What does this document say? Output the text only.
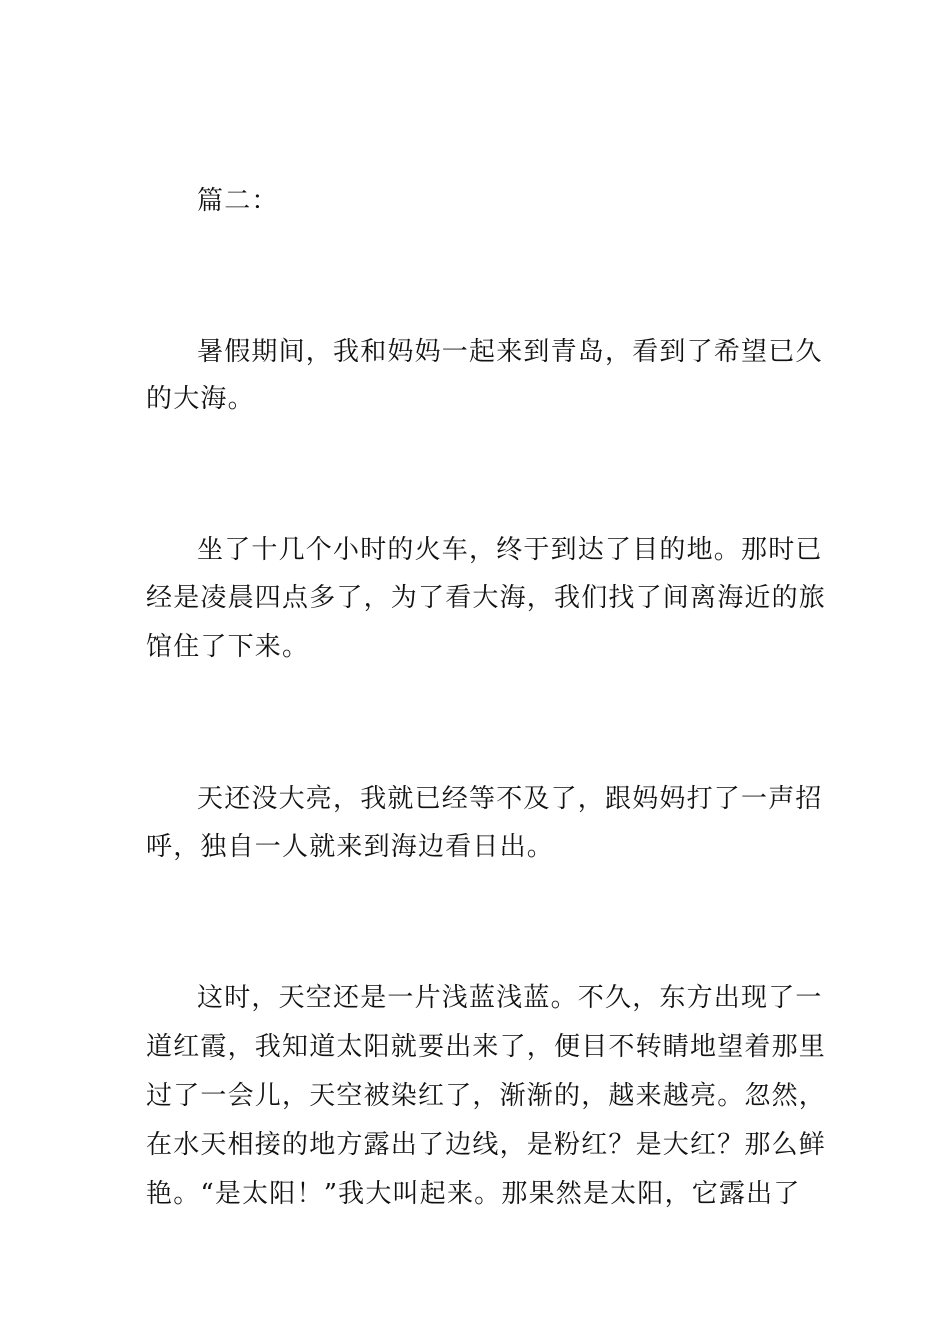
篇二：
暑假期间，我和妈妈一起来到青岛，看到了希望已久
的大海。
坐了十几个小时的火车，终于到达了目的地。那时已
经是凌晨四点多了，为了看大海，我们找了间离海近的旅
馆住了下来。
天还没大亮，我就已经等不及了，跟妈妈打了一声招
呼，独自一人就来到海边看日出。
这时，天空还是一片浅蓝浅蓝。不久，东方出现了一
道红霞，我知道太阳就要出来了，便目不转睛地望着那里
过了一会儿，天空被染红了，渐渐的，越来越亮。忽然，
在水天相接的地方露出了边线，是粉红？是大红？那么鲜
艳。“是太阳！”我大叫起来。那果然是太阳，它露出了
